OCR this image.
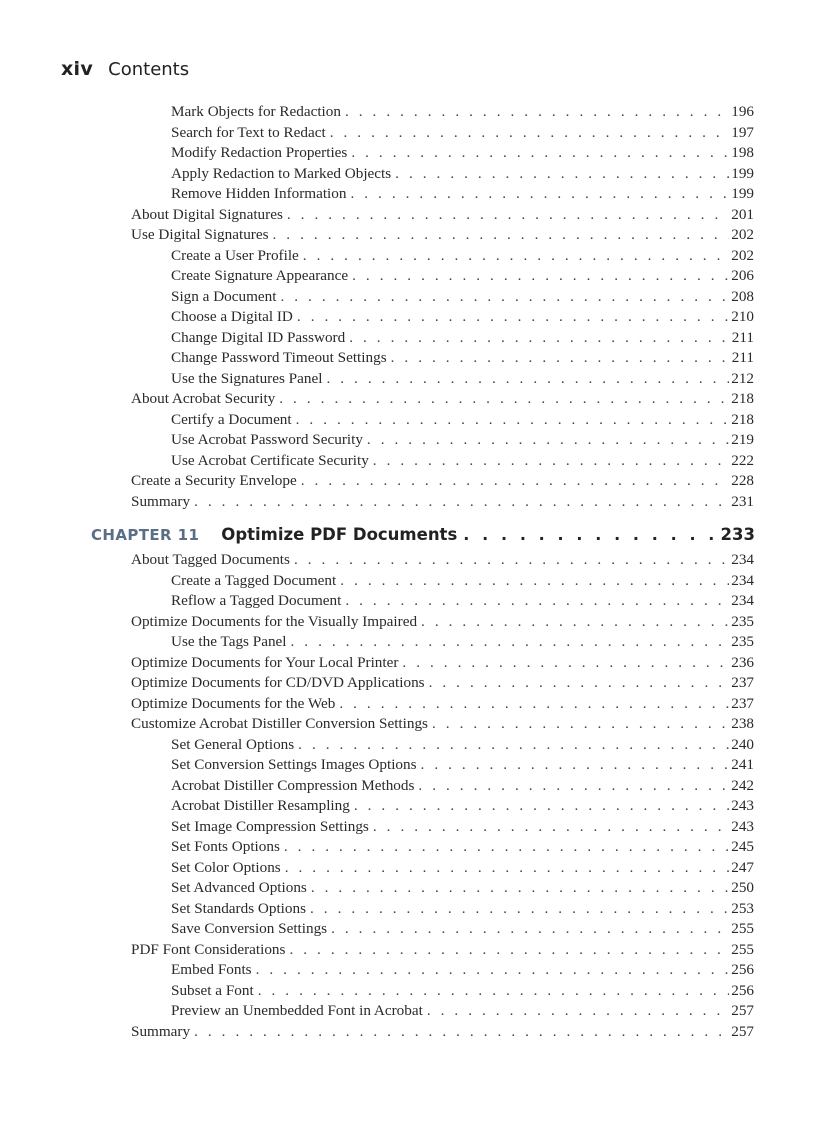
xiv Contents
Mark Objects for Redaction . . .	196
Search for Text to Redact . . .	197
Modify Redaction Properties . . .	198
Apply Redaction to Marked Objects . . .	199
Remove Hidden Information . . .	199
About Digital Signatures . . .	201
Use Digital Signatures . . .	202
Create a User Profile . . .	202
Create Signature Appearance . . .	206
Sign a Document . . .	208
Choose a Digital ID . . .	210
Change Digital ID Password . . .	211
Change Password Timeout Settings . . .	211
Use the Signatures Panel . . .	212
About Acrobat Security . . .	218
Certify a Document . . .	218
Use Acrobat Password Security . . .	219
Use Acrobat Certificate Security . . .	222
Create a Security Envelope . . .	228
Summary . . .	231
CHAPTER 11 Optimize PDF Documents . . .	233
About Tagged Documents . . .	234
Create a Tagged Document . . .	234
Reflow a Tagged Document . . .	234
Optimize Documents for the Visually Impaired . . .	235
Use the Tags Panel . . .	235
Optimize Documents for Your Local Printer . . .	236
Optimize Documents for CD/DVD Applications . . .	237
Optimize Documents for the Web . . .	237
Customize Acrobat Distiller Conversion Settings . . .	238
Set General Options . . .	240
Set Conversion Settings Images Options . . .	241
Acrobat Distiller Compression Methods . . .	242
Acrobat Distiller Resampling . . .	243
Set Image Compression Settings . . .	243
Set Fonts Options . . .	245
Set Color Options . . .	247
Set Advanced Options . . .	250
Set Standards Options . . .	253
Save Conversion Settings . . .	255
PDF Font Considerations . . .	255
Embed Fonts . . .	256
Subset a Font . . .	256
Preview an Unembedded Font in Acrobat . . .	257
Summary . . .	257
